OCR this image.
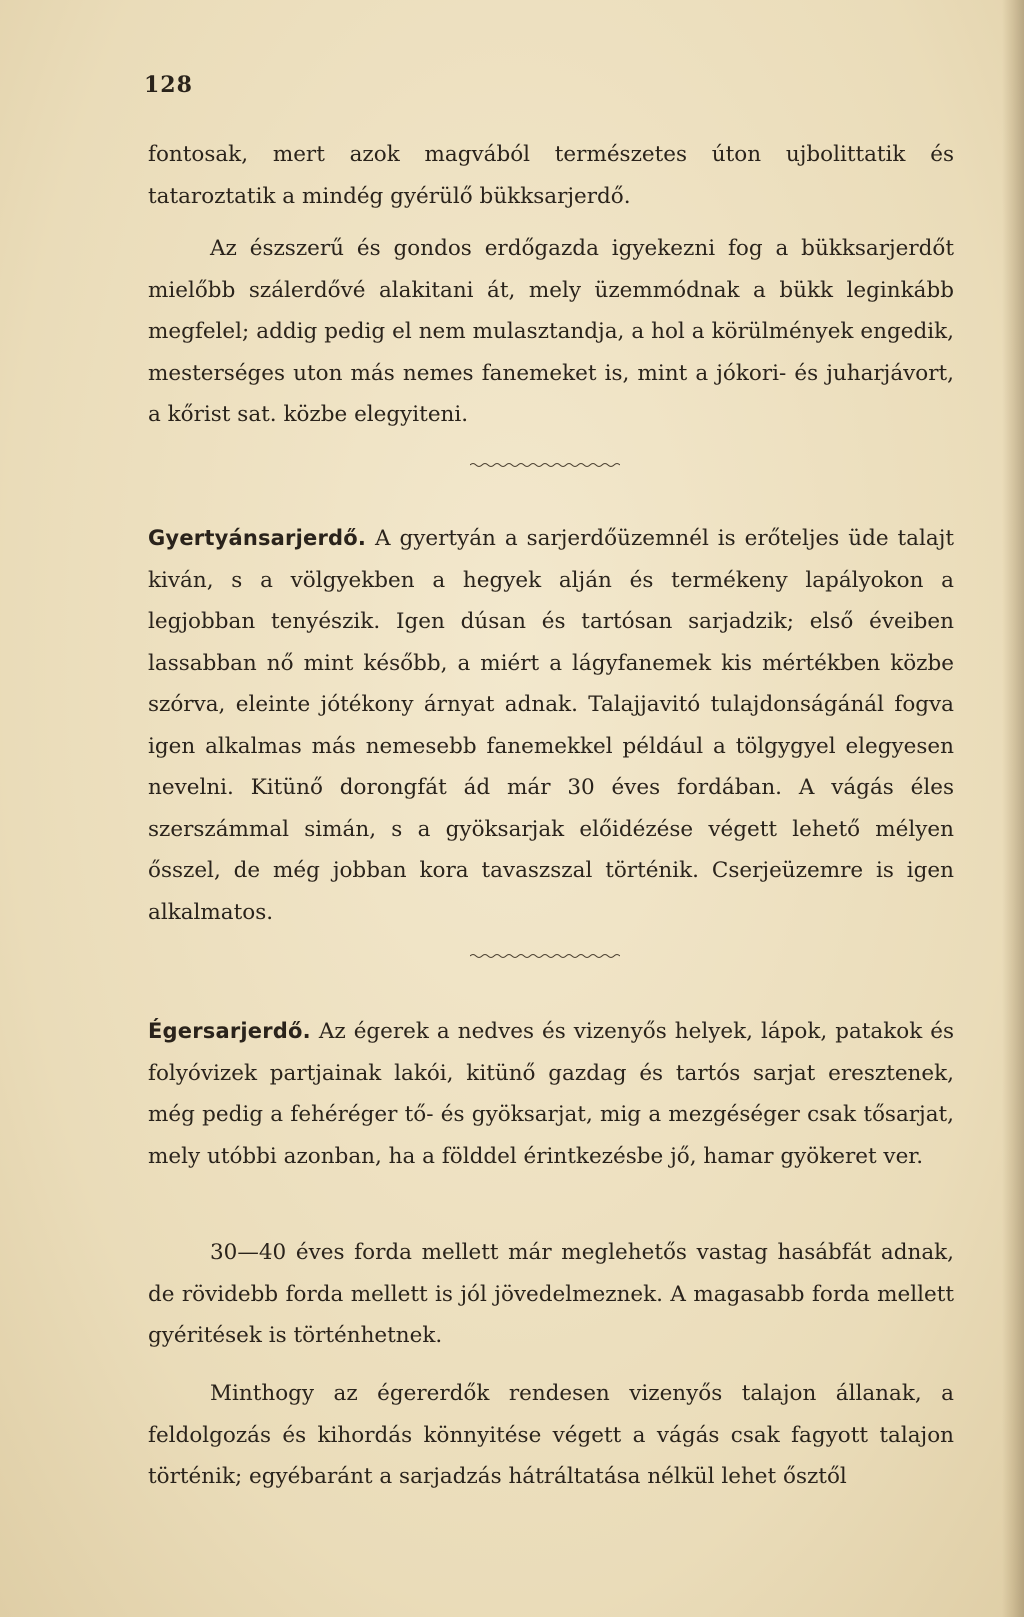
128

fontosak, mert azok magvából természetes úton ujbolittatik és tataroztatik a mindég gyérülő bükksarjerdő.

Az észszerű és gondos erdőgazda igyekezni fog a bükksarjerdőt mielőbb szálerdővé alakitani át, mely üzemmódnak a bükk leginkább megfelel; addig pedig el nem mulasztandja, a hol a körülmények engedik, mesterséges uton más nemes fanemeket is, mint a jókori- és juharjávort, a kőrist sat. közbe elegyiteni.

Gyertyánsarjerdő. A gyertyán a sarjerdőüzemnél is erőteljes üde talajt kiván, s a völgyekben a hegyek alján és termékeny lapályokon a legjobban tenyészik. Igen dúsan és tartósan sarjadzik; első éveiben lassabban nő mint később, a miért a lágyfanemek kis mértékben közbe szórva, eleinte jótékony árnyat adnak. Talajjavitó tulajdonságánál fogva igen alkalmas más nemesebb fanemekkel például a tölgygyel elegyesen nevelni. Kitünő dorongfát ád már 30 éves fordában. A vágás éles szerszámmal simán, s a gyöksarjak előidézése végett lehető mélyen ősszel, de még jobban kora tavaszszal történik. Cserjeüzemre is igen alkalmatos.

Égersarjerdő. Az égerek a nedves és vizenyős helyek, lápok, patakok és folyóvizek partjainak lakói, kitünő gazdag és tartós sarjat eresztenek, még pedig a fehéréger tő- és gyöksarjat, mig a mezgéséger csak tősarjat, mely utóbbi azonban, ha a földdel érintkezésbe jő, hamar gyökeret ver.

30—40 éves forda mellett már meglehetős vastag hasábfát adnak, de rövidebb forda mellett is jól jövedelmeznek. A magasabb forda mellett gyéritések is történhetnek.

Minthogy az égererdők rendesen vizenyős talajon állanak, a feldolgozás és kihordás könnyitése végett a vágás csak fagyott talajon történik; egyébaránt a sarjadzás hátráltatása nélkül lehet ősztől
